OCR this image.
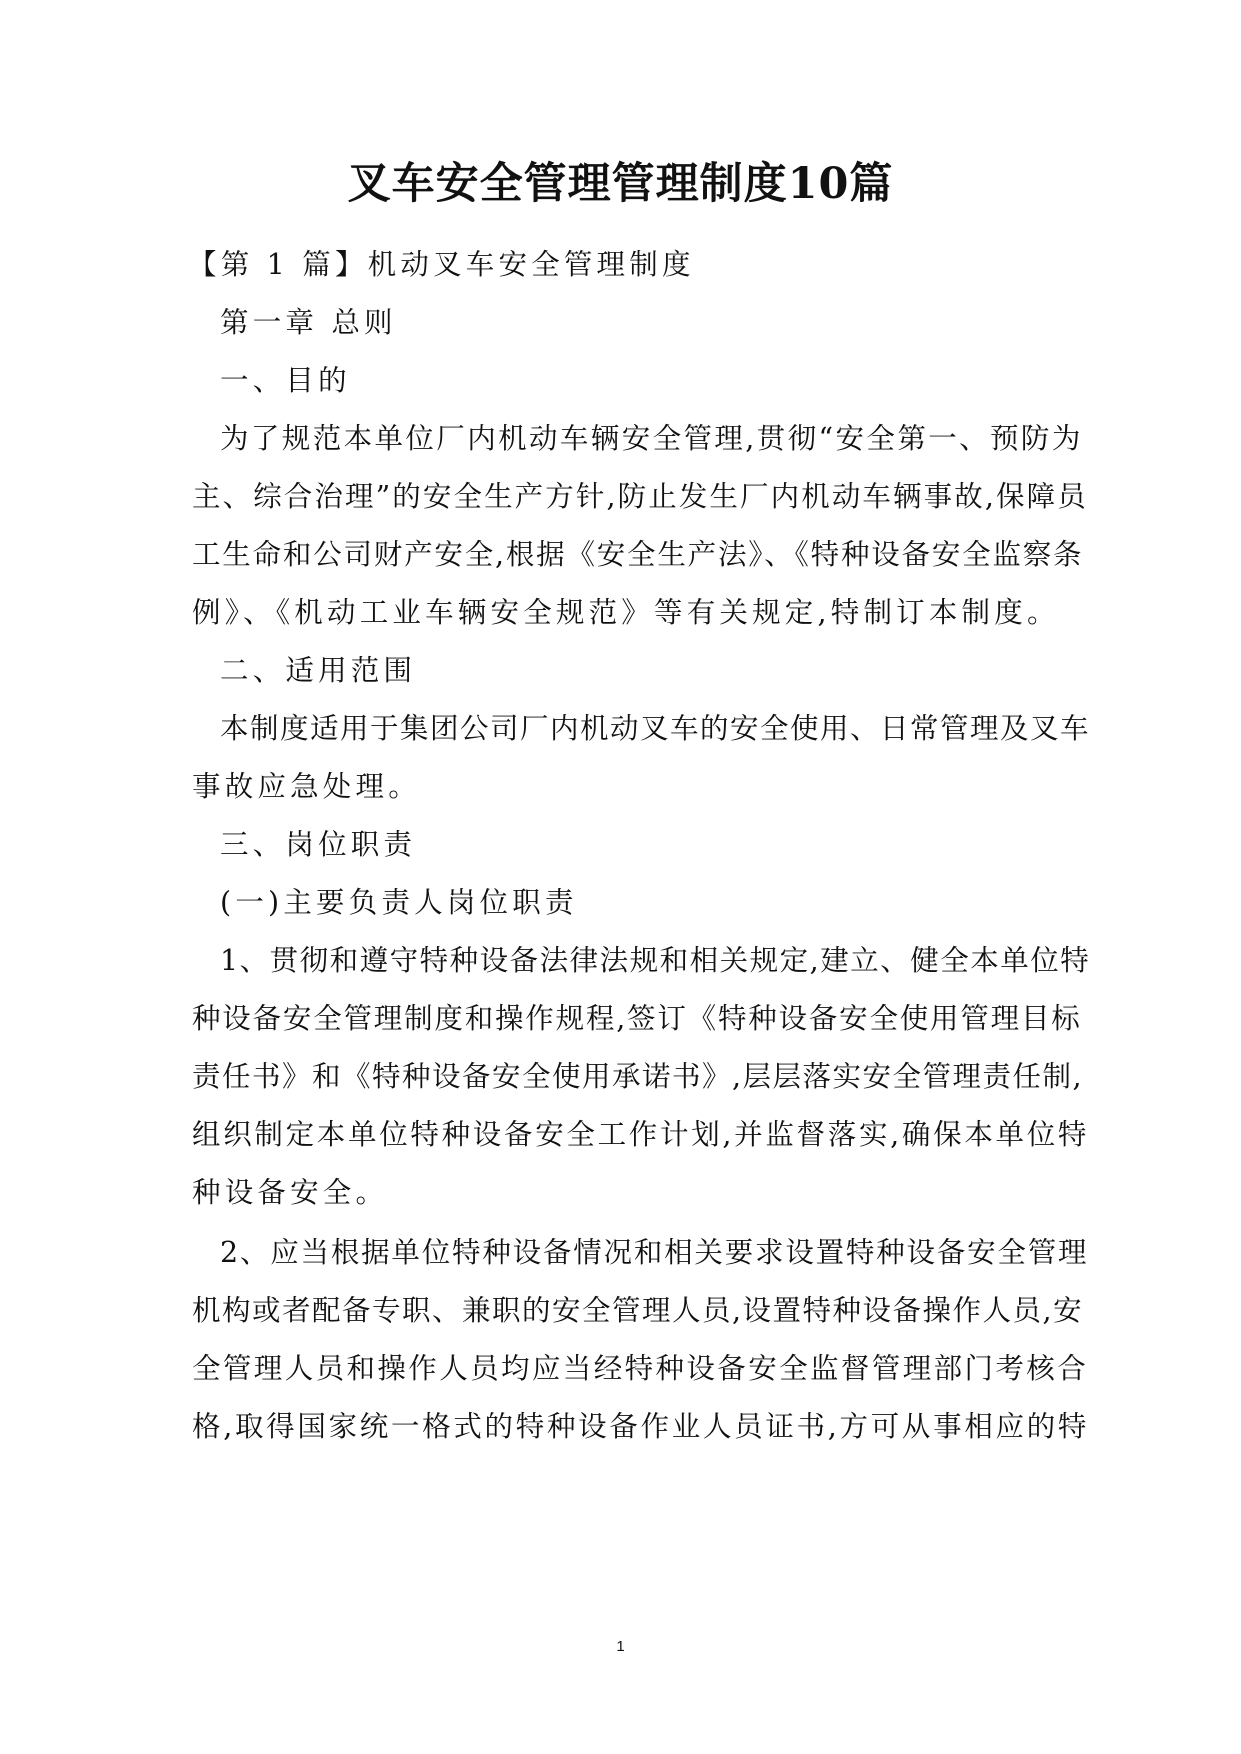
叉车安全管理管理制度10篇
【第 1 篇】机动叉车安全管理制度
第一章 总则
一、目的
为了规范本单位厂内机动车辆安全管理,贯彻“安全第一、预防为
主、综合治理”的安全生产方针,防止发生厂内机动车辆事故,保障员
工生命和公司财产安全,根据《安全生产法》、《特种设备安全监察条
例》、《机动工业车辆安全规范》等有关规定,特制订本制度。
二、适用范围
本制度适用于集团公司厂内机动叉车的安全使用、日常管理及叉车
事故应急处理。
三、岗位职责
(一)主要负责人岗位职责
1、贯彻和遵守特种设备法律法规和相关规定,建立、健全本单位特
种设备安全管理制度和操作规程,签订《特种设备安全使用管理目标
责任书》和《特种设备安全使用承诺书》,层层落实安全管理责任制,
组织制定本单位特种设备安全工作计划,并监督落实,确保本单位特
种设备安全。
2、应当根据单位特种设备情况和相关要求设置特种设备安全管理
机构或者配备专职、兼职的安全管理人员,设置特种设备操作人员,安
全管理人员和操作人员均应当经特种设备安全监督管理部门考核合
格,取得国家统一格式的特种设备作业人员证书,方可从事相应的特
1
